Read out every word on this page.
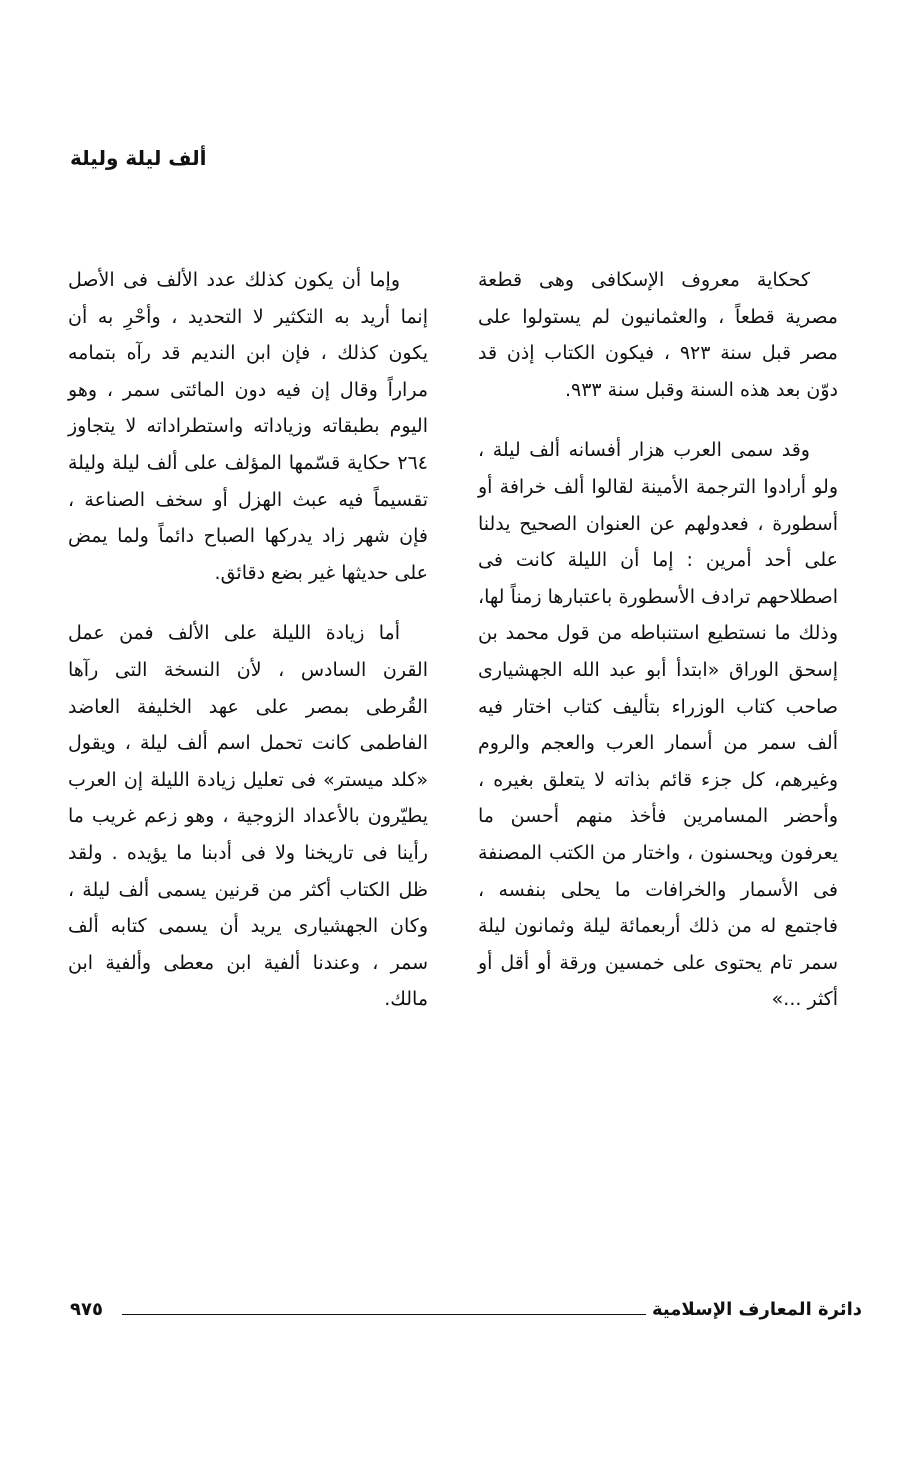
ألف ليلة وليلة

كحكاية معروف الإسكافى وهى قطعة مصرية قطعاً ، والعثمانيون لم يستولوا على مصر قبل سنة ٩٢٣ ، فيكون الكتاب إذن قد دوّن بعد هذه السنة وقبل سنة ٩٣٣.

وقد سمى العرب هزار أفسانه ألف ليلة ، ولو أرادوا الترجمة الأمينة لقالوا ألف خرافة أو أسطورة ، فعدولهم عن العنوان الصحيح يدلنا على أحد أمرين : إما أن الليلة كانت فى اصطلاحهم ترادف الأسطورة باعتبارها زمناً لها، وذلك ما نستطيع استنباطه من قول محمد بن إسحق الوراق «ابتدأ أبو عبد الله الجهشيارى صاحب كتاب الوزراء بتأليف كتاب اختار فيه ألف سمر من أسمار العرب والعجم والروم وغيرهم، كل جزء قائم بذاته لا يتعلق بغيره ، وأحضر المسامرين فأخذ منهم أحسن ما يعرفون ويحسنون ، واختار من الكتب المصنفة فى الأسمار والخرافات ما يحلى بنفسه ، فاجتمع له من ذلك أربعمائة ليلة وثمانون ليلة سمر تام يحتوى على خمسين ورقة أو أقل أو أكثر ...»

وإما أن يكون كذلك عدد الألف فى الأصل إنما أريد به التكثير لا التحديد ، وأحْرِ به أن يكون كذلك ، فإن ابن النديم قد رآه بتمامه مراراً وقال إن فيه دون المائتى سمر ، وهو اليوم بطبقاته وزياداته واستطراداته لا يتجاوز ٢٦٤ حكاية قسّمها المؤلف على ألف ليلة وليلة تقسيماً فيه عبث الهزل أو سخف الصناعة ، فإن شهر زاد يدركها الصباح دائماً ولما يمض على حديثها غير بضع دقائق.

أما زيادة الليلة على الألف فمن عمل القرن السادس ، لأن النسخة التى رآها القُرطى بمصر على عهد الخليفة العاضد الفاطمى كانت تحمل اسم ألف ليلة ، ويقول «كلد ميستر» فى تعليل زيادة الليلة إن العرب يطيّرون بالأعداد الزوجية ، وهو زعم غريب ما رأينا فى تاريخنا ولا فى أدبنا ما يؤيده . ولقد ظل الكتاب أكثر من قرنين يسمى ألف ليلة ، وكان الجهشيارى يريد أن يسمى كتابه ألف سمر ، وعندنا ألفية ابن معطى وألفية ابن مالك.

٩٧٥	دائرة المعارف الإسلامية
